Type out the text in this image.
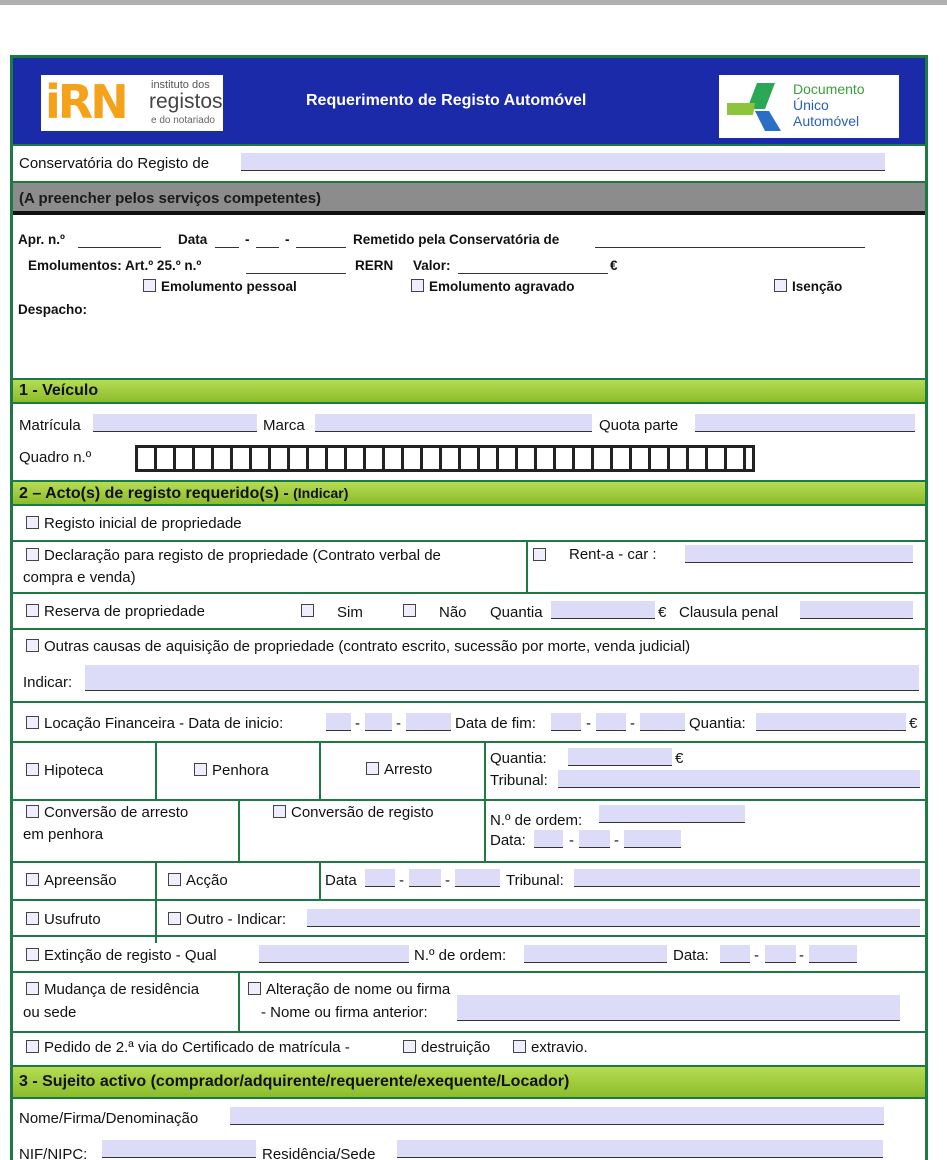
iRN instituto dos
registos
e do notariado
Requerimento de Registo Automóvel
Documento
Único
Automóvel
Conservatória do Registo de
(A preencher pelos serviços competentes)
Apr. n.º	Data	-	-	Remetido pela Conservatória de
Emolumentos: Art.º 25.º n.º	RERN Valor:	€
Emolumento pessoal	Emolumento agravado	Isenção
Despacho:
1 - Veículo
Matrícula	Marca	Quota parte
Quadro n.º
2 – Acto(s) de registo requerido(s) - (Indicar)
Registo inicial de propriedade
Declaração para registo de propriedade (Contrato verbal de
compra e venda)
Rent-a - car :
Reserva de propriedade	Sim	Não Quantia	€ Clausula penal
Outras causas de aquisição de propriedade (contrato escrito, sucessão por morte, venda judicial)
Indicar:
Locação Financeira - Data de inicio:	- -	Data de fim:	-	-	Quantia:	€
Hipoteca	Penhora	Arresto
Quantia:	€
Tribunal:
Conversão de arresto
em penhora
Conversão de registo	N.º de ordem:
Data:	-	-
Apreensão	Acção	Data	-	-	Tribunal:
Usufruto	Outro - Indicar:
Extinção de registo - Qual	N.º de ordem:	Data:	-	-
Mudança de residência
ou sede
Alteração de nome ou firma
- Nome ou firma anterior:
Pedido de 2.ª via do Certificado de matrícula -	destruição	extravio.
3 - Sujeito activo (comprador/adquirente/requerente/exequente/Locador)
Nome/Firma/Denominação
NIF/NIPC:	Residência/Sede
